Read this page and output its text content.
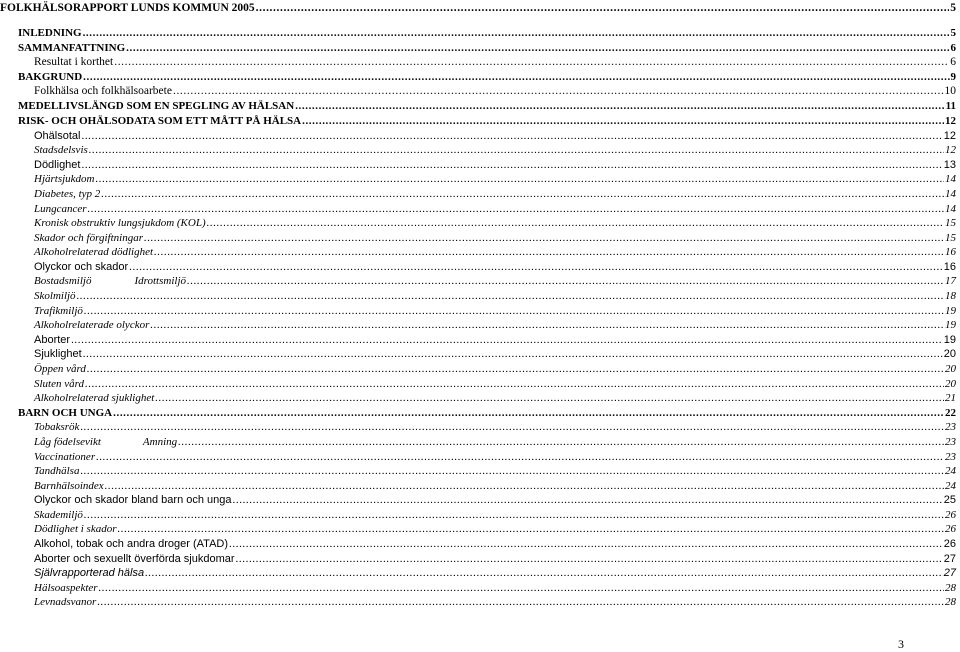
FOLKHÄLSORAPPORT LUNDS KOMMUN 2005 .....	5
INLEDNING .....	5
SAMMANFATTNING .....	6
Resultat i korthet .....	6
BAKGRUND .....	9
Folkhälsa och folkhälsoarbete .....	10
MEDELLIVSLÄNGD SOM EN SPEGLING AV HÄLSAN .....	11
RISK- OCH OHÄLSODATA SOM ETT MÅTT PÅ HÄLSA .....	12
Ohälsotal .....	12
Stadsdelsvis .....	12
Dödlighet .....	13
Hjärtsjukdom .....	14
Diabetes, typ 2 .....	14
Lungcancer .....	14
Kronisk obstruktiv lungsjukdom (KOL) .....	15
Skador och förgiftningar .....	15
Alkoholrelaterad dödlighet .....	16
Olyckor och skador .....	16
Bostadsmiljö	Idrottsmiljö .....	17
Skolmiljö .....	18
Trafikmiljö .....	19
Alkoholrelaterade olyckor .....	19
Aborter .....	19
Sjuklighet .....	20
Öppen vård .....	20
Sluten vård .....	20
Alkoholrelaterad sjuklighet .....	21
BARN OCH UNGA .....	22
Tobaksrök .....	23
Låg födelsevikt	Amning .....	23
Vaccinationer .....	23
Tandhälsa .....	24
Barnhälsoindex .....	24
Olyckor och skador bland barn och unga .....	25
Skademiljö .....	26
Dödlighet i skador .....	26
Alkohol, tobak och andra droger (ATAD) .....	26
Aborter och sexuellt överförda sjukdomar .....	27
Självrapporterad hälsa .....	27
Hälsoaspekter .....	28
Levnadsvanor .....	28
3
